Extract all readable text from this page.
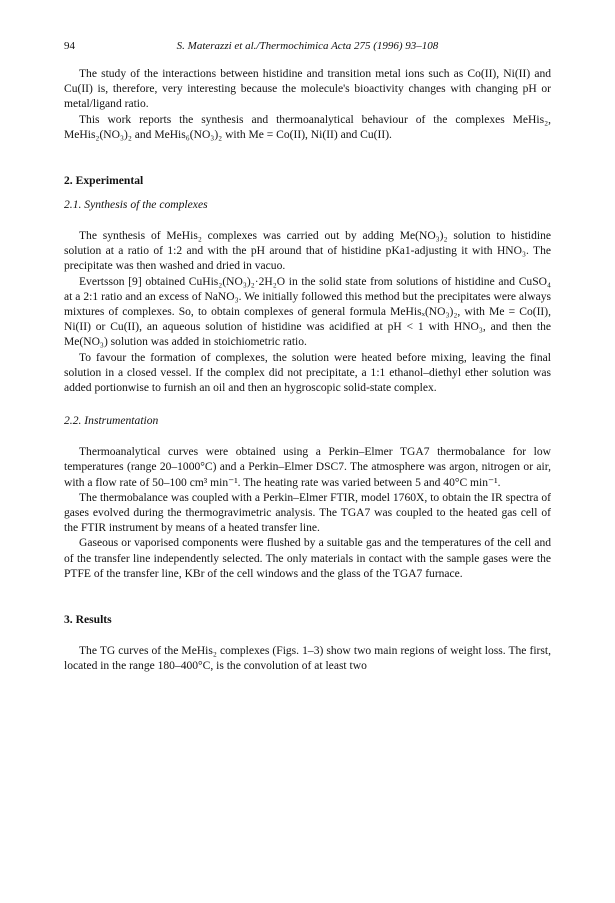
94	S. Materazzi et al./Thermochimica Acta 275 (1996) 93–108

The study of the interactions between histidine and transition metal ions such as Co(II), Ni(II) and Cu(II) is, therefore, very interesting because the molecule's bioactivity changes with changing pH or metal/ligand ratio.

This work reports the synthesis and thermoanalytical behaviour of the complexes MeHis₂, MeHis₂(NO₃)₂ and MeHis₆(NO₃)₂ with Me = Co(II), Ni(II) and Cu(II).

2. Experimental
2.1. Synthesis of the complexes

The synthesis of MeHis₂ complexes was carried out by adding Me(NO₃)₂ solution to histidine solution at a ratio of 1:2 and with the pH around that of histidine pKa1-adjusting it with HNO₃. The precipitate was then washed and dried in vacuo.

Evertsson [9] obtained CuHis₂(NO₃)₂·2H₂O in the solid state from solutions of histidine and CuSO₄ at a 2:1 ratio and an excess of NaNO₃. We initially followed this method but the precipitates were always mixtures of complexes. So, to obtain complexes of general formula MeHisₓ(NO₃)₂, with Me = Co(II), Ni(II) or Cu(II), an aqueous solution of histidine was acidified at pH < 1 with HNO₃, and then the Me(NO₃) solution was added in stoichiometric ratio.

To favour the formation of complexes, the solution were heated before mixing, leaving the final solution in a closed vessel. If the complex did not precipitate, a 1:1 ethanol–diethyl ether solution was added portionwise to furnish an oil and then an hygroscopic solid-state complex.

2.2. Instrumentation

Thermoanalytical curves were obtained using a Perkin–Elmer TGA7 thermobalance for low temperatures (range 20–1000°C) and a Perkin–Elmer DSC7. The atmosphere was argon, nitrogen or air, with a flow rate of 50–100 cm³ min⁻¹. The heating rate was varied between 5 and 40°C min⁻¹.

The thermobalance was coupled with a Perkin–Elmer FTIR, model 1760X, to obtain the IR spectra of gases evolved during the thermogravimetric analysis. The TGA7 was coupled to the heated gas cell of the FTIR instrument by means of a heated transfer line.

Gaseous or vaporised components were flushed by a suitable gas and the temperatures of the cell and of the transfer line independently selected. The only materials in contact with the sample gases were the PTFE of the transfer line, KBr of the cell windows and the glass of the TGA7 furnace.

3. Results

The TG curves of the MeHis₂ complexes (Figs. 1–3) show two main regions of weight loss. The first, located in the range 180–400°C, is the convolution of at least two
